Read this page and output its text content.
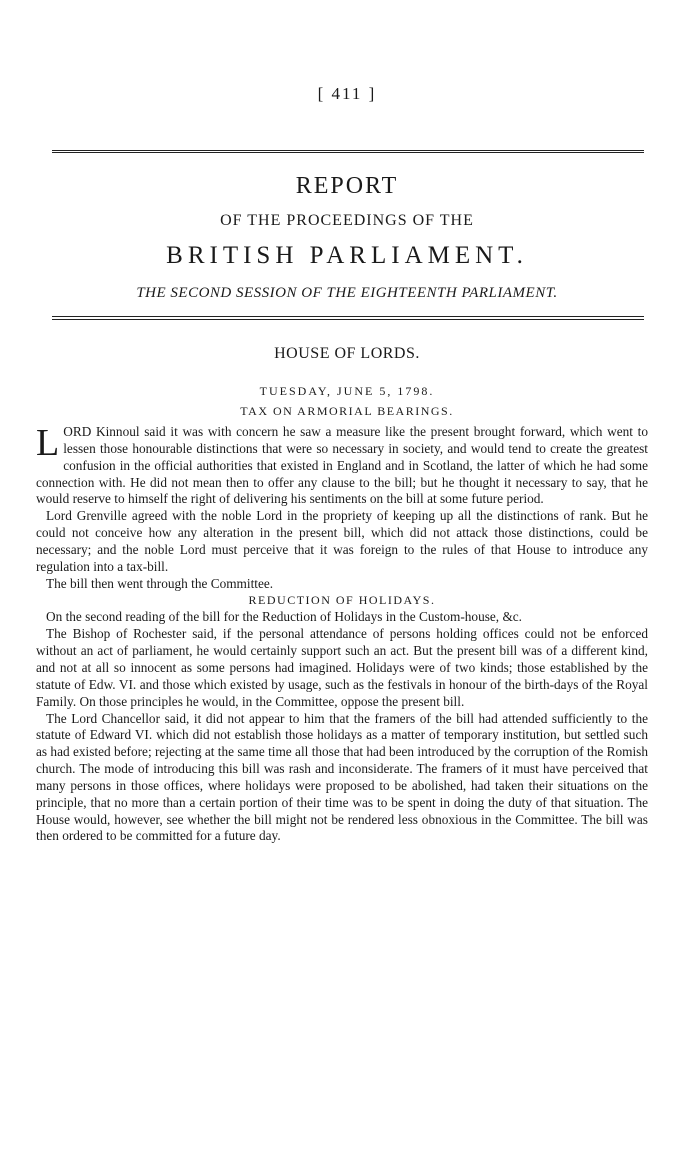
[ 411 ]
REPORT
OF THE PROCEEDINGS OF THE
BRITISH PARLIAMENT.
THE SECOND SESSION OF THE EIGHTEENTH PARLIAMENT.
HOUSE OF LORDS.
TUESDAY, JUNE 5, 1798.
TAX ON ARMORIAL BEARINGS.

LORD Kinnoul said it was with concern he saw a measure like the present brought forward, which went to lessen those honourable distinctions that were so necessary in society, and would tend to create the greatest confusion in the official authorities that existed in England and in Scotland, the latter of which he had some connection with. He did not mean then to offer any clause to the bill; but he thought it necessary to say, that he would reserve to himself the right of delivering his sentiments on the bill at some future period.

Lord Grenville agreed with the noble Lord in the propriety of keeping up all the distinctions of rank. But he could not conceive how any alteration in the present bill, which did not attack those distinctions, could be necessary; and the noble Lord must perceive that it was foreign to the rules of that House to introduce any regulation into a tax-bill.

The bill then went through the Committee.

REDUCTION OF HOLIDAYS.

On the second reading of the bill for the Reduction of Holidays in the Custom-house, &c.

The Bishop of Rochester said, if the personal attendance of persons holding offices could not be enforced without an act of parliament, he would certainly support such an act. But the present bill was of a different kind, and not at all so innocent as some persons had imagined. Holidays were of two kinds; those established by the statute of Edw. VI. and those which existed by usage, such as the festivals in honour of the birth-days of the Royal Family. On those principles he would, in the Committee, oppose the present bill.

The Lord Chancellor said, it did not appear to him that the framers of the bill had attended sufficiently to the statute of Edward VI. which did not establish those holidays as a matter of temporary institution, but settled such as had existed before; rejecting at the same time all those that had been introduced by the corruption of the Romish church. The mode of introducing this bill was rash and inconsiderate. The framers of it must have perceived that many persons in those offices, where holidays were proposed to be abolished, had taken their situations on the principle, that no more than a certain portion of their time was to be spent in doing the duty of that situation. The House would, however, see whether the bill might not be rendered less obnoxious in the Committee. The bill was then ordered to be committed for a future day.
